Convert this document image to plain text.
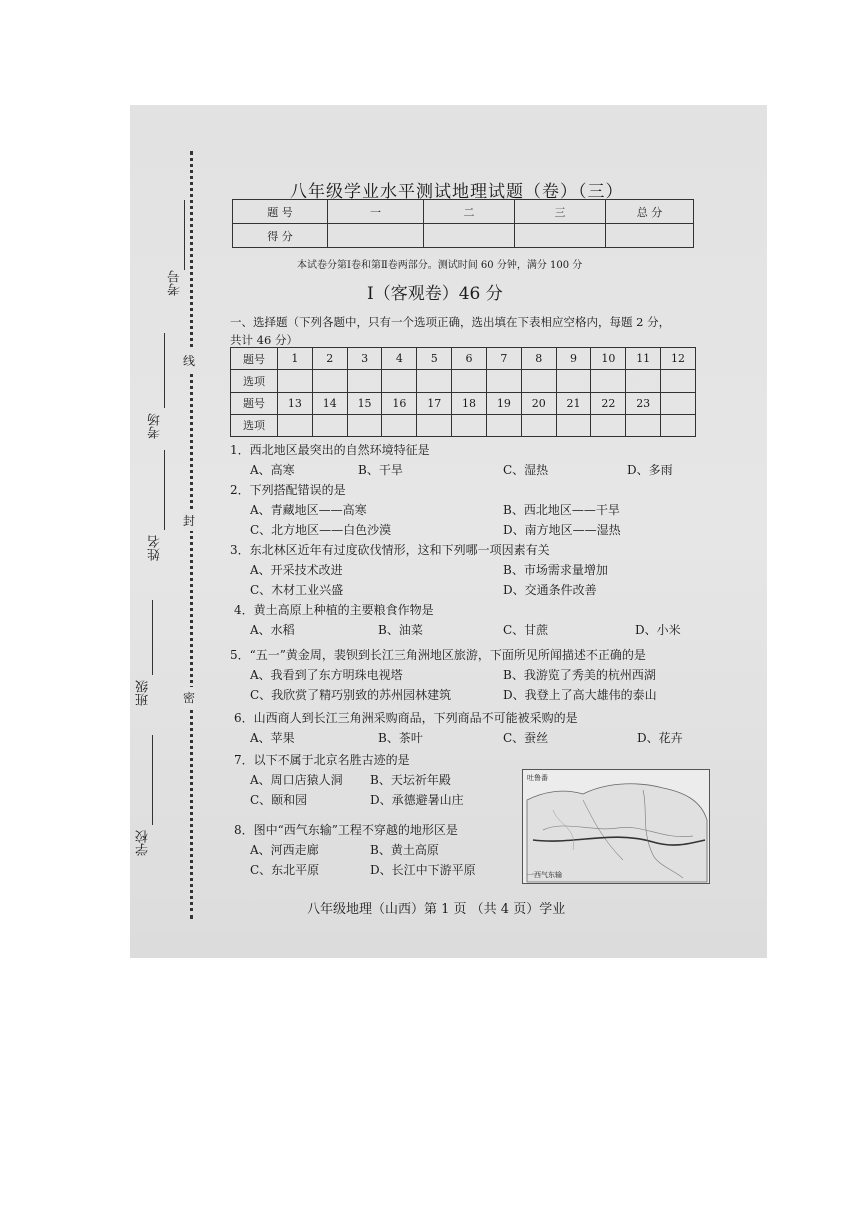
线
封
密
学校
班级
姓名
考场
考号
八年级学业水平测试地理试题（卷）（三）
题 号	一	二	三	总 分
得 分				
本试卷分第Ⅰ卷和第Ⅱ卷两部分。测试时间 60 分钟，满分 100 分
Ⅰ（客观卷）46 分
一、选择题（下列各题中，只有一个选项正确，选出填在下表相应空格内，每题 2 分，
共计 46 分）
题号	1	2	3	4	5	6	7	8	9	10	11	12
选项												
题号	13	14	15	16	17	18	19	20	21	22	23	
选项												
1．西北地区最突出的自然环境特征是
A、高寒	B、干旱	C、湿热	D、多雨
2．下列搭配错误的是
A、青藏地区——高寒	B、西北地区——干旱
C、北方地区——白色沙漠	D、南方地区——湿热
3．东北林区近年有过度砍伐情形，这和下列哪一项因素有关
A、开采技术改进	B、市场需求量增加
C、木材工业兴盛	D、交通条件改善
4．黄土高原上种植的主要粮食作物是
A、水稻	B、油菜	C、甘蔗	D、小米
5．“五一”黄金周，裴钡到长江三角洲地区旅游，下面所见所闻描述不正确的是
A、我看到了东方明珠电视塔	B、我游览了秀美的杭州西湖
C、我欣赏了精巧别致的苏州园林建筑	D、我登上了高大雄伟的泰山
6．山西商人到长江三角洲采购商品，下列商品不可能被采购的是
A、苹果	B、茶叶	C、蚕丝	D、花卉
7．以下不属于北京名胜古迹的是
A、周口店猿人洞 B、天坛祈年殿
C、颐和园	D、承德避暑山庄
8．图中“西气东输”工程不穿越的地形区是
A、河西走廊	B、黄土高原
C、东北平原	D、长江中下游平原
吐鲁番
一西气东输
八年级地理（山西）第 1 页 （共 4 页）学业
